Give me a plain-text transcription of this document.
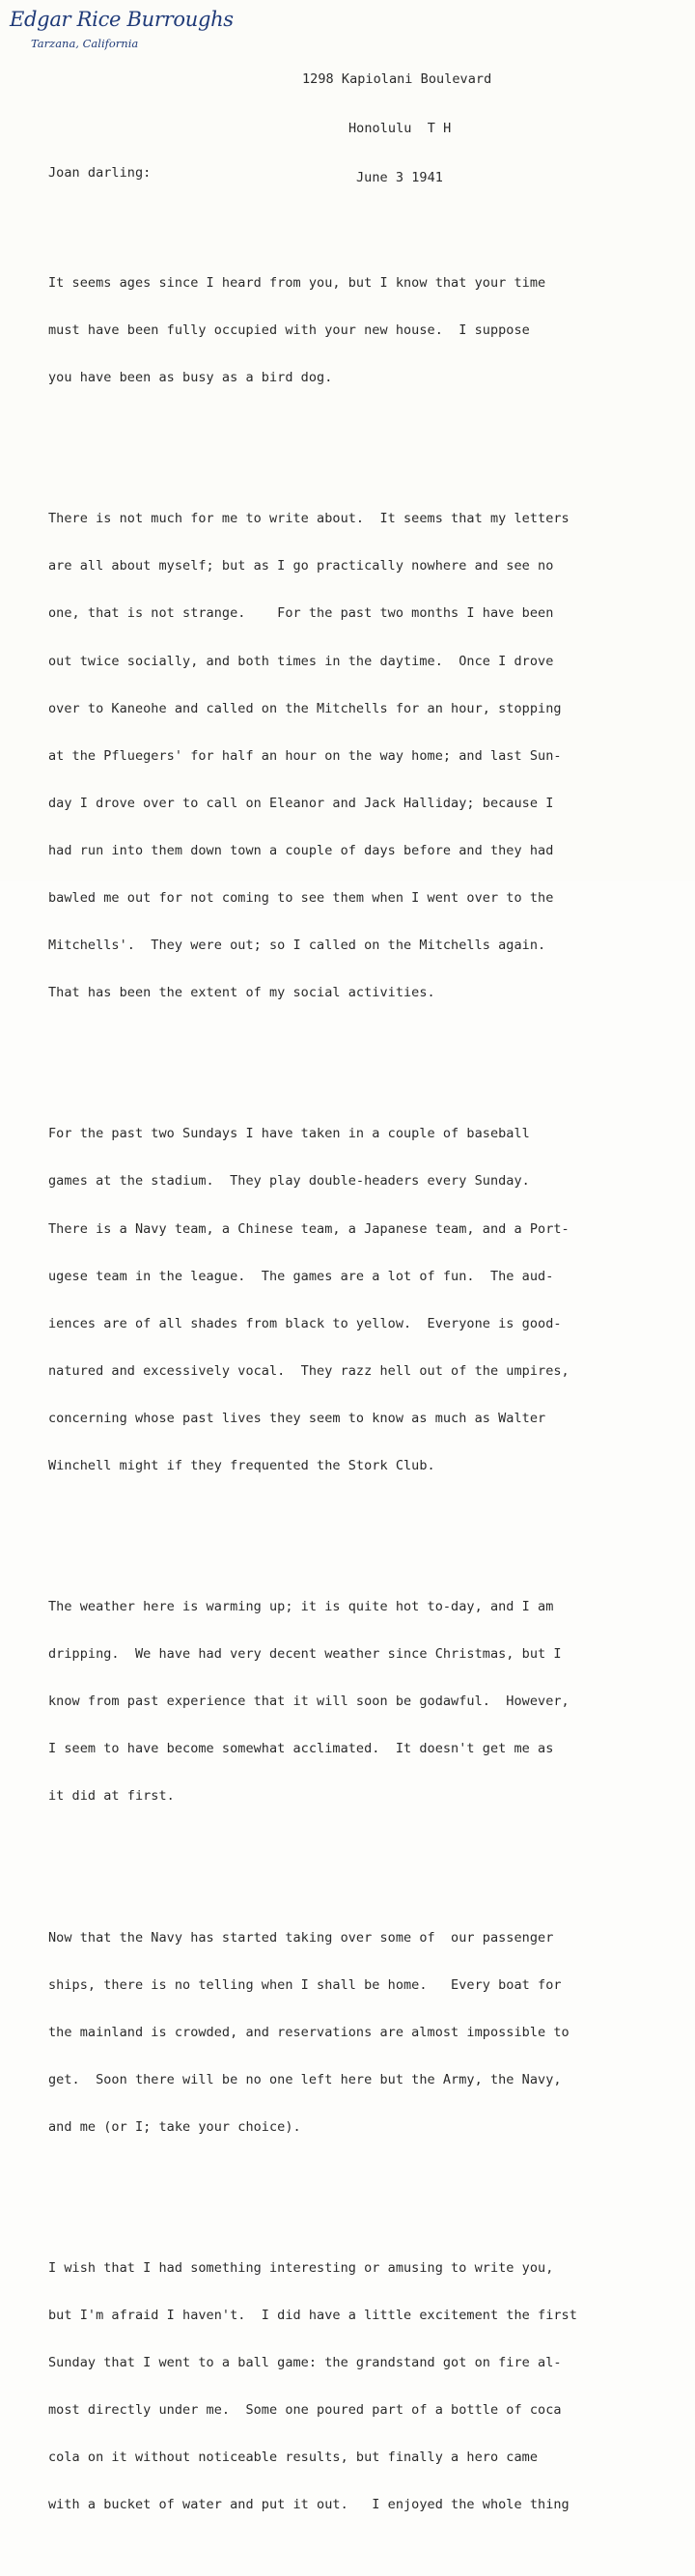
Edgar Rice Burroughs
Tarzana, California

1298 Kapiolani Boulevard

Honolulu  T H

June 3 1941

Joan darling:

It seems ages since I heard from you, but I know that your time

must have been fully occupied with your new house.  I suppose

you have been as busy as a bird dog.

There is not much for me to write about.  It seems that my letters

are all about myself; but as I go practically nowhere and see no

one, that is not strange.    For the past two months I have been

out twice socially, and both times in the daytime.  Once I drove

over to Kaneohe and called on the Mitchells for an hour, stopping

at the Pfluegers' for half an hour on the way home; and last Sun-

day I drove over to call on Eleanor and Jack Halliday; because I

had run into them down town a couple of days before and they had

bawled me out for not coming to see them when I went over to the

Mitchells'.  They were out; so I called on the Mitchells again.

That has been the extent of my social activities.

For the past two Sundays I have taken in a couple of baseball

games at the stadium.  They play double-headers every Sunday.

There is a Navy team, a Chinese team, a Japanese team, and a Port-

ugese team in the league.  The games are a lot of fun.  The aud-

iences are of all shades from black to yellow.  Everyone is good-

natured and excessively vocal.  They razz hell out of the umpires,

concerning whose past lives they seem to know as much as Walter

Winchell might if they frequented the Stork Club.

The weather here is warming up; it is quite hot to-day, and I am

dripping.  We have had very decent weather since Christmas, but I

know from past experience that it will soon be godawful.  However,

I seem to have become somewhat acclimated.  It doesn't get me as

it did at first.

Now that the Navy has started taking over some of  our passenger

ships, there is no telling when I shall be home.   Every boat for

the mainland is crowded, and reservations are almost impossible to

get.  Soon there will be no one left here but the Army, the Navy,

and me (or I; take your choice).

I wish that I had something interesting or amusing to write you,

but I'm afraid I haven't.  I did have a little excitement the first

Sunday that I went to a ball game: the grandstand got on fire al-

most directly under me.  Some one poured part of a bottle of coca

cola on it without noticeable results, but finally a hero came

with a bucket of water and put it out.   I enjoyed the whole thing
